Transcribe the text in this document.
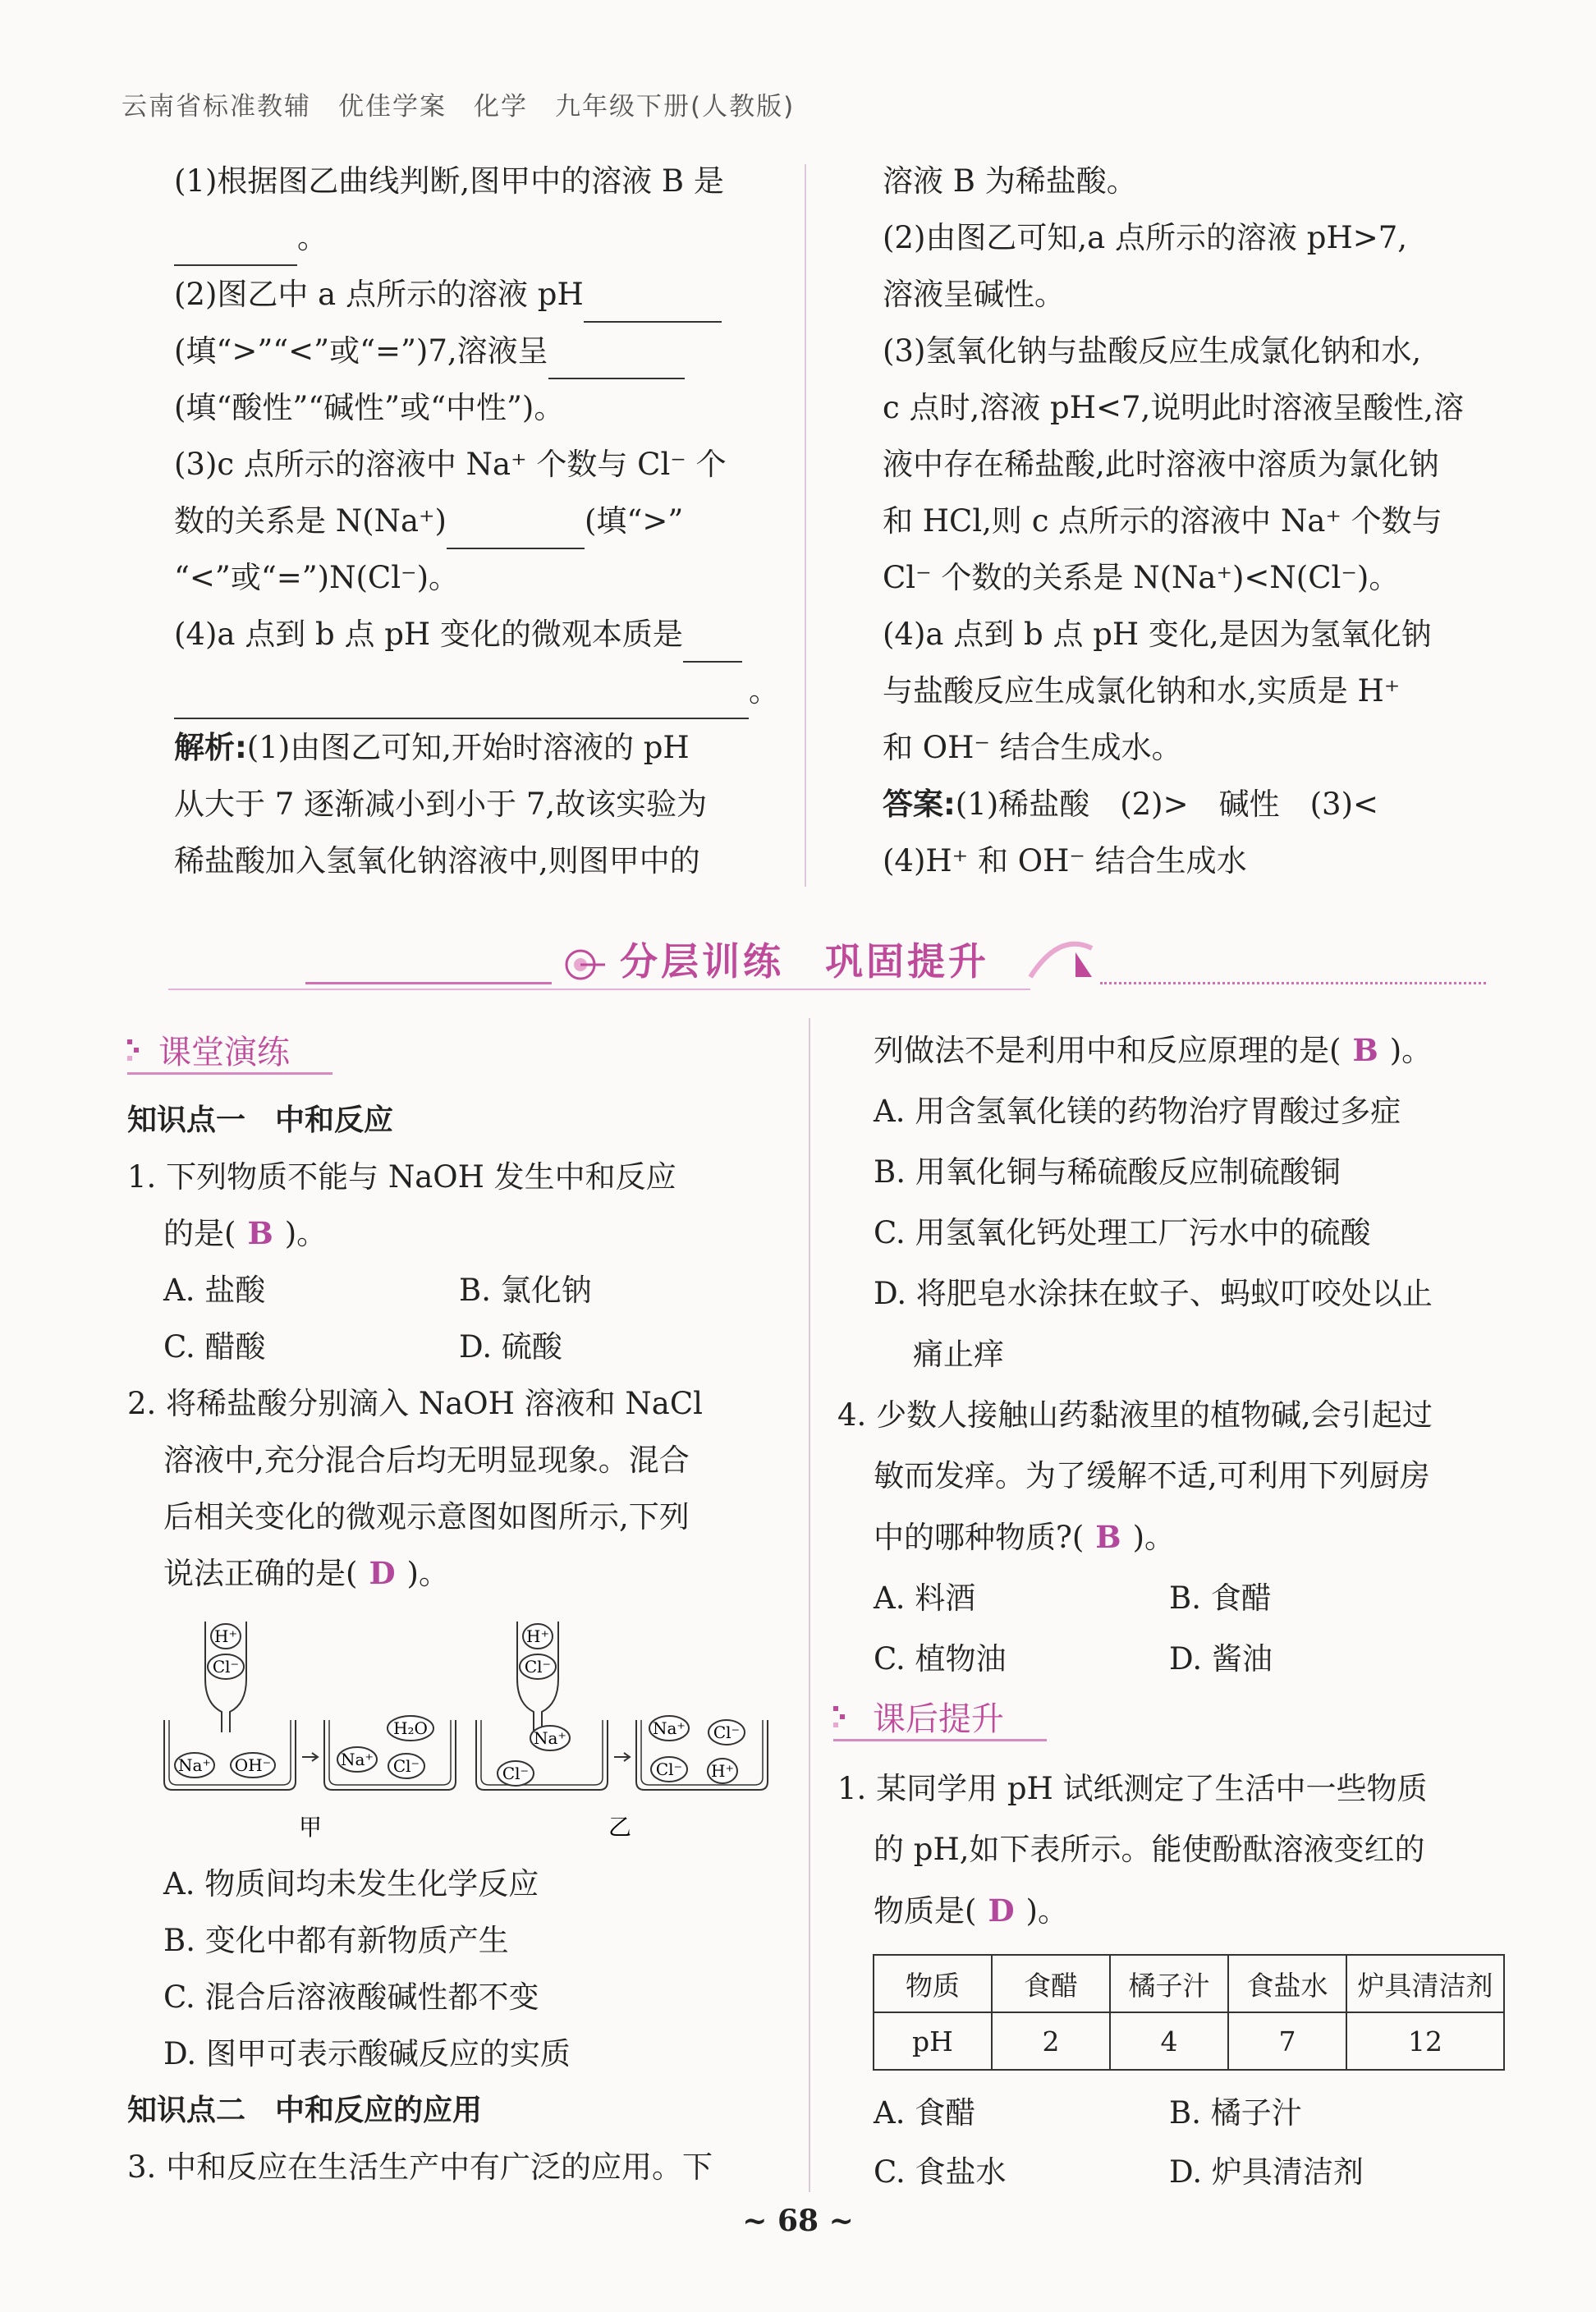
云南省标准教辅　优佳学案　化学　九年级下册(人教版)

(1)根据图乙曲线判断,图甲中的溶液 B 是

。

(2)图乙中 a 点所示的溶液 pH

(填“>”“<”或“=”)7,溶液呈

(填“酸性”“碱性”或“中性”)。

(3)c 点所示的溶液中 Na⁺ 个数与 Cl⁻ 个

数的关系是 N(Na⁺)	(填“>”

“<”或“=”)N(Cl⁻)。

(4)a 点到 b 点 pH 变化的微观本质是

。

解析:(1)由图乙可知,开始时溶液的 pH

从大于 7 逐渐减小到小于 7,故该实验为

稀盐酸加入氢氧化钠溶液中,则图甲中的

溶液 B 为稀盐酸。

(2)由图乙可知,a 点所示的溶液 pH>7,

溶液呈碱性。

(3)氢氧化钠与盐酸反应生成氯化钠和水,

c 点时,溶液 pH<7,说明此时溶液呈酸性,溶

液中存在稀盐酸,此时溶液中溶质为氯化钠

和 HCl,则 c 点所示的溶液中 Na⁺ 个数与

Cl⁻ 个数的关系是 N(Na⁺)<N(Cl⁻)。

(4)a 点到 b 点 pH 变化,是因为氢氧化钠

与盐酸反应生成氯化钠和水,实质是 H⁺

和 OH⁻ 结合生成水。

答案:(1)稀盐酸　(2)>　碱性　(3)<

(4)H⁺ 和 OH⁻ 结合生成水

分层训练　巩固提升
课堂演练

知识点一　中和反应

1. 下列物质不能与 NaOH 发生中和反应

的是( B )。

A. 盐酸	B. 氯化钠

C. 醋酸	D. 硫酸

2. 将稀盐酸分别滴入 NaOH 溶液和 NaCl

溶液中,充分混合后均无明显现象。混合

后相关变化的微观示意图如图所示,下列

说法正确的是( D )。

H⁺
Cl⁻
Na⁺ OH⁻	Na⁺ Cl⁻
H₂O
H⁺
Cl⁻
Na⁺
Cl⁻
Na⁺ Cl⁻
Cl⁻ H⁺
甲	乙

A. 物质间均未发生化学反应

B. 变化中都有新物质产生

C. 混合后溶液酸碱性都不变

D. 图甲可表示酸碱反应的实质

知识点二　中和反应的应用

3. 中和反应在生活生产中有广泛的应用。下

列做法不是利用中和反应原理的是( B )。

A. 用含氢氧化镁的药物治疗胃酸过多症

B. 用氧化铜与稀硫酸反应制硫酸铜

C. 用氢氧化钙处理工厂污水中的硫酸

D. 将肥皂水涂抹在蚊子、蚂蚁叮咬处以止

痛止痒

4. 少数人接触山药黏液里的植物碱,会引起过

敏而发痒。为了缓解不适,可利用下列厨房

中的哪种物质?( B )。

A. 料酒	B. 食醋

C. 植物油	D. 酱油

课后提升

1. 某同学用 pH 试纸测定了生活中一些物质

的 pH,如下表所示。能使酚酞溶液变红的

物质是( D )。

物质	食醋	橘子汁	食盐水	炉具清洁剂
pH	2	4	7	12

A. 食醋	B. 橘子汁

C. 食盐水	D. 炉具清洁剂

~ 68 ~
